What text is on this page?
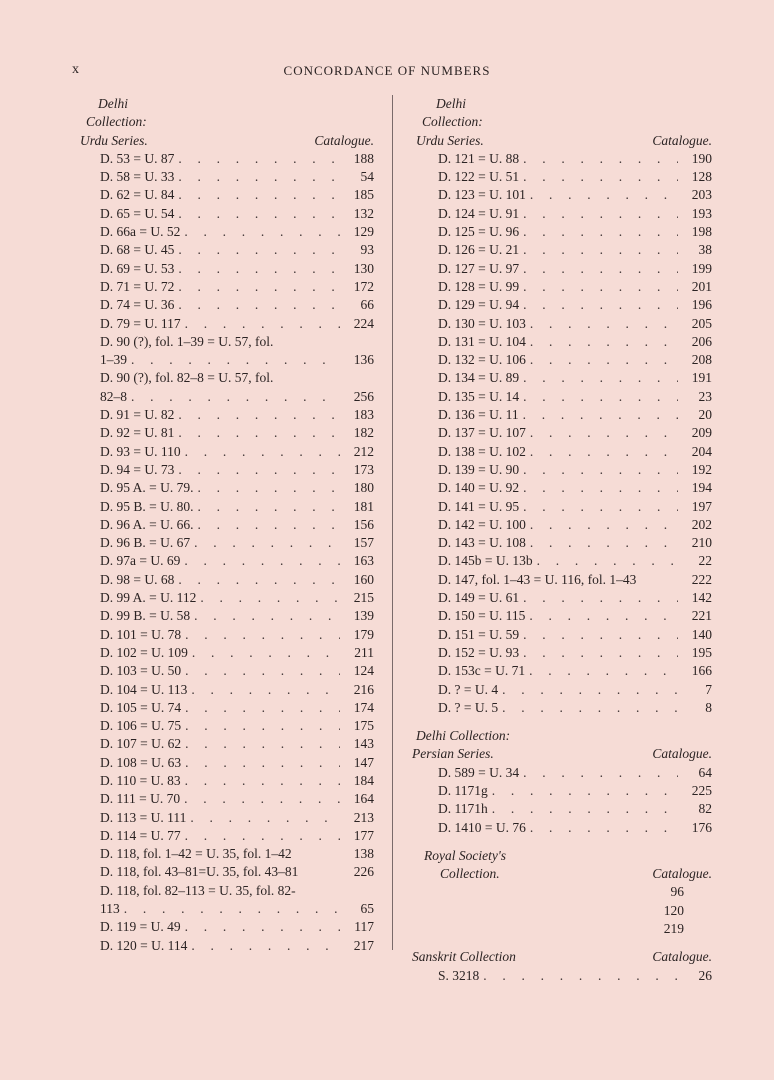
x	CONCORDANCE OF NUMBERS
Delhi
Collection:
Urdu Series.	Catalogue.
D. 53 = U. 87 . .	188
D. 58 = U. 33 . .	54
D. 62 = U. 84 . .	185
D. 65 = U. 54 . .	132
D. 66a = U. 52 . .	129
D. 68 = U. 45 . .	93
D. 69 = U. 53 . .	130
D. 71 = U. 72 . .	172
D. 74 = U. 36 . .	66
D. 79 = U. 117 . .	224
D. 90 (?), fol. 1–39 = U. 57, fol.
1–39 . .	136
D. 90 (?), fol. 82–8 = U. 57, fol.
82–8 . .	256
D. 91 = U. 82 . .	183
D. 92 = U. 81 . .	182
D. 93 = U. 110 . .	212
D. 94 = U. 73 . .	173
D. 95 A. = U. 79. . .	180
D. 95 B. = U. 80. . .	181
D. 96 A. = U. 66. . .	156
D. 96 B. = U. 67 . .	157
D. 97a = U. 69 . .	163
D. 98 = U. 68 . .	160
D. 99 A. = U. 112 . .	215
D. 99 B. = U. 58 . .	139
D. 101 = U. 78 . .	179
D. 102 = U. 109 . .	211
D. 103 = U. 50 . .	124
D. 104 = U. 113 . .	216
D. 105 = U. 74 . .	174
D. 106 = U. 75 . .	175
D. 107 = U. 62 . .	143
D. 108 = U. 63 . .	147
D. 110 = U. 83 . .	184
D. 111 = U. 70 . .	164
D. 113 = U. 111 . .	213
D. 114 = U. 77 . .	177
D. 118, fol. 1–42 = U. 35, fol. 1–42	138
D. 118, fol. 43–81=U. 35, fol. 43–81	226
D. 118, fol. 82–113 = U. 35, fol. 82-
113 . .	65
D. 119 = U. 49 . .	117
D. 120 = U. 114 . .	217
Delhi
Collection:
Urdu Series.	Catalogue.
D. 121 = U. 88 . .	190
D. 122 = U. 51 . .	128
D. 123 = U. 101 . .	203
D. 124 = U. 91 . .	193
D. 125 = U. 96 . .	198
D. 126 = U. 21 . .	38
D. 127 = U. 97 . .	199
D. 128 = U. 99 . .	201
D. 129 = U. 94 . .	196
D. 130 = U. 103 . .	205
D. 131 = U. 104 . .	206
D. 132 = U. 106 . .	208
D. 134 = U. 89 . .	191
D. 135 = U. 14 . .	23
D. 136 = U. 11 . .	20
D. 137 = U. 107 . .	209
D. 138 = U. 102 . .	204
D. 139 = U. 90 . .	192
D. 140 = U. 92 . .	194
D. 141 = U. 95 . .	197
D. 142 = U. 100 . .	202
D. 143 = U. 108 . .	210
D. 145b = U. 13b . .	22
D. 147, fol. 1–43 = U. 116, fol. 1–43	222
D. 149 = U. 61 . .	142
D. 150 = U. 115 . .	221
D. 151 = U. 59 . .	140
D. 152 = U. 93 . .	195
D. 153c = U. 71 . .	166
D. ? = U. 4 . .	7
D. ? = U. 5 . .	8
Delhi Collection:
Persian Series.	Catalogue.
D. 589 = U. 34 . .	64
D. 1171g . .	225
D. 1171h . .	82
D. 1410 = U. 76 . .	176
Royal Society's
Collection.	Catalogue.
96
120
219
Sanskrit Collection	Catalogue.
S. 3218 . .	26
